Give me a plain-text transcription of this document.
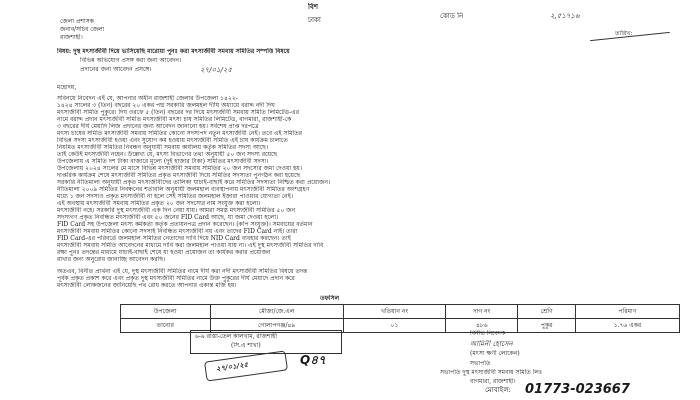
বিশ
ঢাকা
জেলা প্রশাসক
জনাব/সচিব জেলা
রাজশাহী।
কোড নি	২,৫১৭১৬
তারিখ:
বিষয়: দুস্থ মৎস্যজীবী দিয়ে ভাসিয়েছি মারোয়া পুনঃ করা মৎস্যজীবী সমবায় সমিতির সম্পত্তি বিষয়ে
বিভিন্ন অভিযোগ প্রসঙ্গ করা জন্য আবেদন।
প্রদানের জন্য আবেদন প্রসঙ্গে।	২৭/০১/২৫
মহোদয়,
সবিনয়ে নিবেদন এই যে, আপনার অধীন রাজশাহী জেলার উপজেলা ১৪২২-
১৪২৪ সালের ৩ (তিন) বছরের ২০ একর পদ্ম সরকারি জলমহল দীঘি অধ্যায়ে বরাদ্দ নদী দিঘ
মৎস্যজীবী সমিতি পুকুরে। দিঘ ওরফে ৫ (তিন) বছরের দর দিয়ে মৎস্যজীবী সমবায় সমিতি লিমিটেড-এর
নামে বরাদ্দ প্রদান মৎস্যজীবী সমিতি মৎস্যজীবী মৎস্য চাষ সমিতির লিমিটেড, বাগমারা, রাজশাহী-কে
৩ বছরের দীর্ঘ মেয়াদি লিজ প্রদানের জন্য আবেদন জানানো হয়। সর্বশেষ প্রাপ্ত দরপত্রে
মৎস্য চাষের সমিতি মৎস্যজীবী সমবায় সমিতির কোনো সদস্যপদ নতুন মৎস্যজীবী নেই। তবে এই সমিতির
বিভিন্ন সদস্য মৎস্যজীবী হওয়া এবং সুযোগ কম হওয়ায় মৎস্যজীবী সমিতি এই চাষ কার্যক্রম চালাতে
নিয়মিত মৎস্যজীবী সমিতির নিবন্ধন অনুযায়ী সমবায় কার্যালয় কর্তৃক সমিতির সদস্য আছে।
তাই কেউই মৎস্যজীবী নহেন। উল্লেখ্য যে, মৎস্য বিভাগের তথ্য অনুযায়ী ৫০ জন সদস্য রয়েছে
উপজেলায় এ সমিতি দশ টাকা বাজারে মূল্যে (দুই হাজার টাকা) সমিতির মৎস্যজীবী সদস্য।
উপজেলায় ২০২৪ সালের মে মাসে বিভিন্ন মৎস্যজীবী সমবায় সমিতির ২০ জন সদস্যের জমা দেওয়া হয়।
দাপ্তরিক কার্যক্রম শেষে মৎস্যজীবী সমিতির প্রকৃত মৎস্যজীবী দিয়ে সমিতির সদস্যতা পুনর্গঠন করা হয়েছে
সরকারি নীতিমালা অনুযায়ী প্রকৃত মৎস্যজীবীদের তালিকা যাচাই-বাছাই করে সমিতির সদস্যতা নিশ্চিত করা প্রয়োজন।
নীতিমালা ২০০৯ সমিতির নিবন্ধনের শর্তাবলি অনুযায়ী জলমহাল ব্যবস্থাপনায় মৎস্যজীবী সমিতির অংশগ্রহণ
মধ্যে ১ জন সদস্যও প্রকৃত মৎস্যজীবী না হলে সেই সমিতির জলমহাল ইজারা পাওয়ার যোগ্যতা নেই।
এই অবস্থায় মৎস্যজীবী সমবায় সমিতির প্রকৃত ২০ জন সদস্যের নাম সংযুক্ত করা হলো।
মৎস্যজীবী নহে। সরকারি দুস্থ মৎস্যজীবী এক দিন নেয়া যায়। আমরা সমস্ত মৎস্যজীবী সমিতির ৫০ জন
সদস্যগণ প্রকৃত নিবন্ধিত মৎস্যজীবী এবং ৫০ জনের FID Card আছে, যা জমা দেওয়া হলো।
FID Card সহ উপজেলা মৎস্য কর্মকর্তা কর্তৃক প্রত্যয়নপত্র প্রদান করেছেন। (কপি সংযুক্ত)। সমবায়ের বর্তমান
মৎস্যজীবী সমবায় সমিতির কোনো সদস্যই নিবন্ধিত মৎস্যজীবী নয় এবং তাদের FID Card নাই। তারা
FID Card-এর পরিবর্তে জলমহাল সমিতির নেতাদের দাবি দিয়ে NID Card ব্যবহার করছেন। তাই
মৎস্যজীবী সমবায় সমিতি আবেদনের মাধ্যমে দাবি করা জলমহাল পাওয়া যায় না। এই দুস্থ মৎস্যজীবী সমিতির দাবি
রক্ষা পুনঃ তদন্তের মাধ্যমে যাচাই-বাছাই শেষে যা হওয়া প্রয়োজন তা কার্যকর করার প্রয়োজন
রাখার জন্য অনুরোধ জানাচ্ছি আবেদন করছি।
অতএব, বিনীত প্রার্থনা এই যে, দুস্থ মৎস্যজীবী সমিতির নামে দীর্ঘ করা নদী মৎস্যজীবী সমিতির বিষয়ে তদন্ত
পূর্বক প্রকৃত প্রকাশ করে এবং প্রকৃত দুস্থ মৎস্যজীবী সমিতির নামে উক্ত পুকুরের দীর্ঘ মেয়াদে প্রদান করে
মৎস্যজীবী লোকজনের জানিয়েছি পথ রোধ করতে আপনার একান্ত মর্জি হয়।
তফসিল
উপজেলা	মৌজা/জে.এল	খতিয়ান নং	দাগ নং	শ্রেণি	পরিমাণ
তানোর	গোলাপগঞ্জ/৪৯	০১	৪৮৬	পুকুর	১.৭৬ একর
৬-৯ রাস্তা-তেল কালখাম, রাজশাহী
(সি.এ শাখা)
২৭/০১/২৫	Q৪৭
বিনীত নিবেদক
আমিনী হোসেন
(মৎস্য ক্ষণী লোকেন)
সভাপতি
সভাপতি দুস্থ মৎস্যজীবী সমবায় সমিতি লিঃ
বাগমারা, রাজশাহী।
মোবাইল: 01773-023667
